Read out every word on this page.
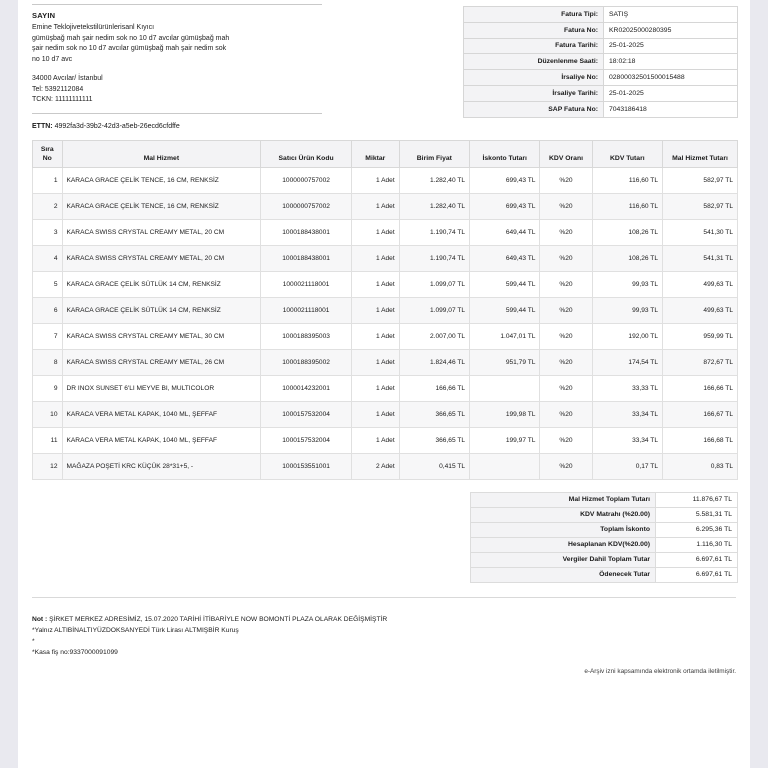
SAYIN
Emine Teklojivetekstilürünlerisanl Kıyıcı
gümüşbağ mah şair nedim sok no 10 d7 avcılar gümüşbağ mah
şair nedim sok no 10 d7 avcılar gümüşbağ mah şair nedim sok
no 10 d7 avc
34000 Avcılar/ İstanbul
Tel: 5392112084
TCKN: 11111111111
Fatura Tipi:	SATIŞ
Fatura No:	KR02025000280395
Fatura Tarihi:	25-01-2025
Düzenlenme Saati:	18:02:18
İrsaliye No:	02800032501500015488
İrsaliye Tarihi:	25-01-2025
SAP Fatura No:	7043186418
ETTN: 4992fa3d-39b2-42d3-a5eb-26ecd6cfdffe
Sıra No	Mal Hizmet	Satıcı Ürün Kodu	Miktar	Birim Fiyat	İskonto Tutarı	KDV Oranı	KDV Tutarı	Mal Hizmet Tutarı
1	KARACA GRACE ÇELİK TENCE, 16 CM, RENKSİZ	1000000757002	1 Adet	1.282,40 TL	699,43 TL	%20	116,60 TL	582,97 TL
2	KARACA GRACE ÇELİK TENCE, 16 CM, RENKSİZ	1000000757002	1 Adet	1.282,40 TL	699,43 TL	%20	116,60 TL	582,97 TL
3	KARACA SWISS CRYSTAL CREAMY METAL, 20 CM	1000188438001	1 Adet	1.190,74 TL	649,44 TL	%20	108,26 TL	541,30 TL
4	KARACA SWISS CRYSTAL CREAMY METAL, 20 CM	1000188438001	1 Adet	1.190,74 TL	649,43 TL	%20	108,26 TL	541,31 TL
5	KARACA GRACE ÇELİK SÜTLÜK 14 CM, RENKSİZ	1000021118001	1 Adet	1.099,07 TL	599,44 TL	%20	99,93 TL	499,63 TL
6	KARACA GRACE ÇELİK SÜTLÜK 14 CM, RENKSİZ	1000021118001	1 Adet	1.099,07 TL	599,44 TL	%20	99,93 TL	499,63 TL
7	KARACA SWISS CRYSTAL CREAMY METAL, 30 CM	1000188395003	1 Adet	2.007,00 TL	1.047,01 TL	%20	192,00 TL	959,99 TL
8	KARACA SWISS CRYSTAL CREAMY METAL, 26 CM	1000188395002	1 Adet	1.824,46 TL	951,79 TL	%20	174,54 TL	872,67 TL
9	DR INOX SUNSET 6'LI MEYVE BI, MULTICOLOR	1000014232001	1 Adet	166,66 TL		%20	33,33 TL	166,66 TL
10	KARACA VERA METAL KAPAK, 1040 ML, ŞEFFAF	1000157532004	1 Adet	366,65 TL	199,98 TL	%20	33,34 TL	166,67 TL
11	KARACA VERA METAL KAPAK, 1040 ML, ŞEFFAF	1000157532004	1 Adet	366,65 TL	199,97 TL	%20	33,34 TL	166,68 TL
12	MAĞAZA POŞETİ KRC KÜÇÜK 28*31+5, -	1000153551001	2 Adet	0,415 TL		%20	0,17 TL	0,83 TL
Mal Hizmet Toplam Tutarı	11.876,67 TL
KDV Matrahı (%20.00)	5.581,31 TL
Toplam İskonto	6.295,36 TL
Hesaplanan KDV(%20.00)	1.116,30 TL
Vergiler Dahil Toplam Tutar	6.697,61 TL
Ödenecek Tutar	6.697,61 TL
Not : ŞİRKET MERKEZ ADRESİMİZ, 15.07.2020 TARİHİ İTİBARİYLE NOW BOMONTİ PLAZA OLARAK DEĞİŞMİŞTİR
*Yalnız ALTIBİNALTIYÜZDOKSANYEDİ Türk Lirası ALTMIŞBİR Kuruş
*
*Kasa fiş no:9337000091099
e-Arşiv izni kapsamında elektronik ortamda iletilmiştir.
